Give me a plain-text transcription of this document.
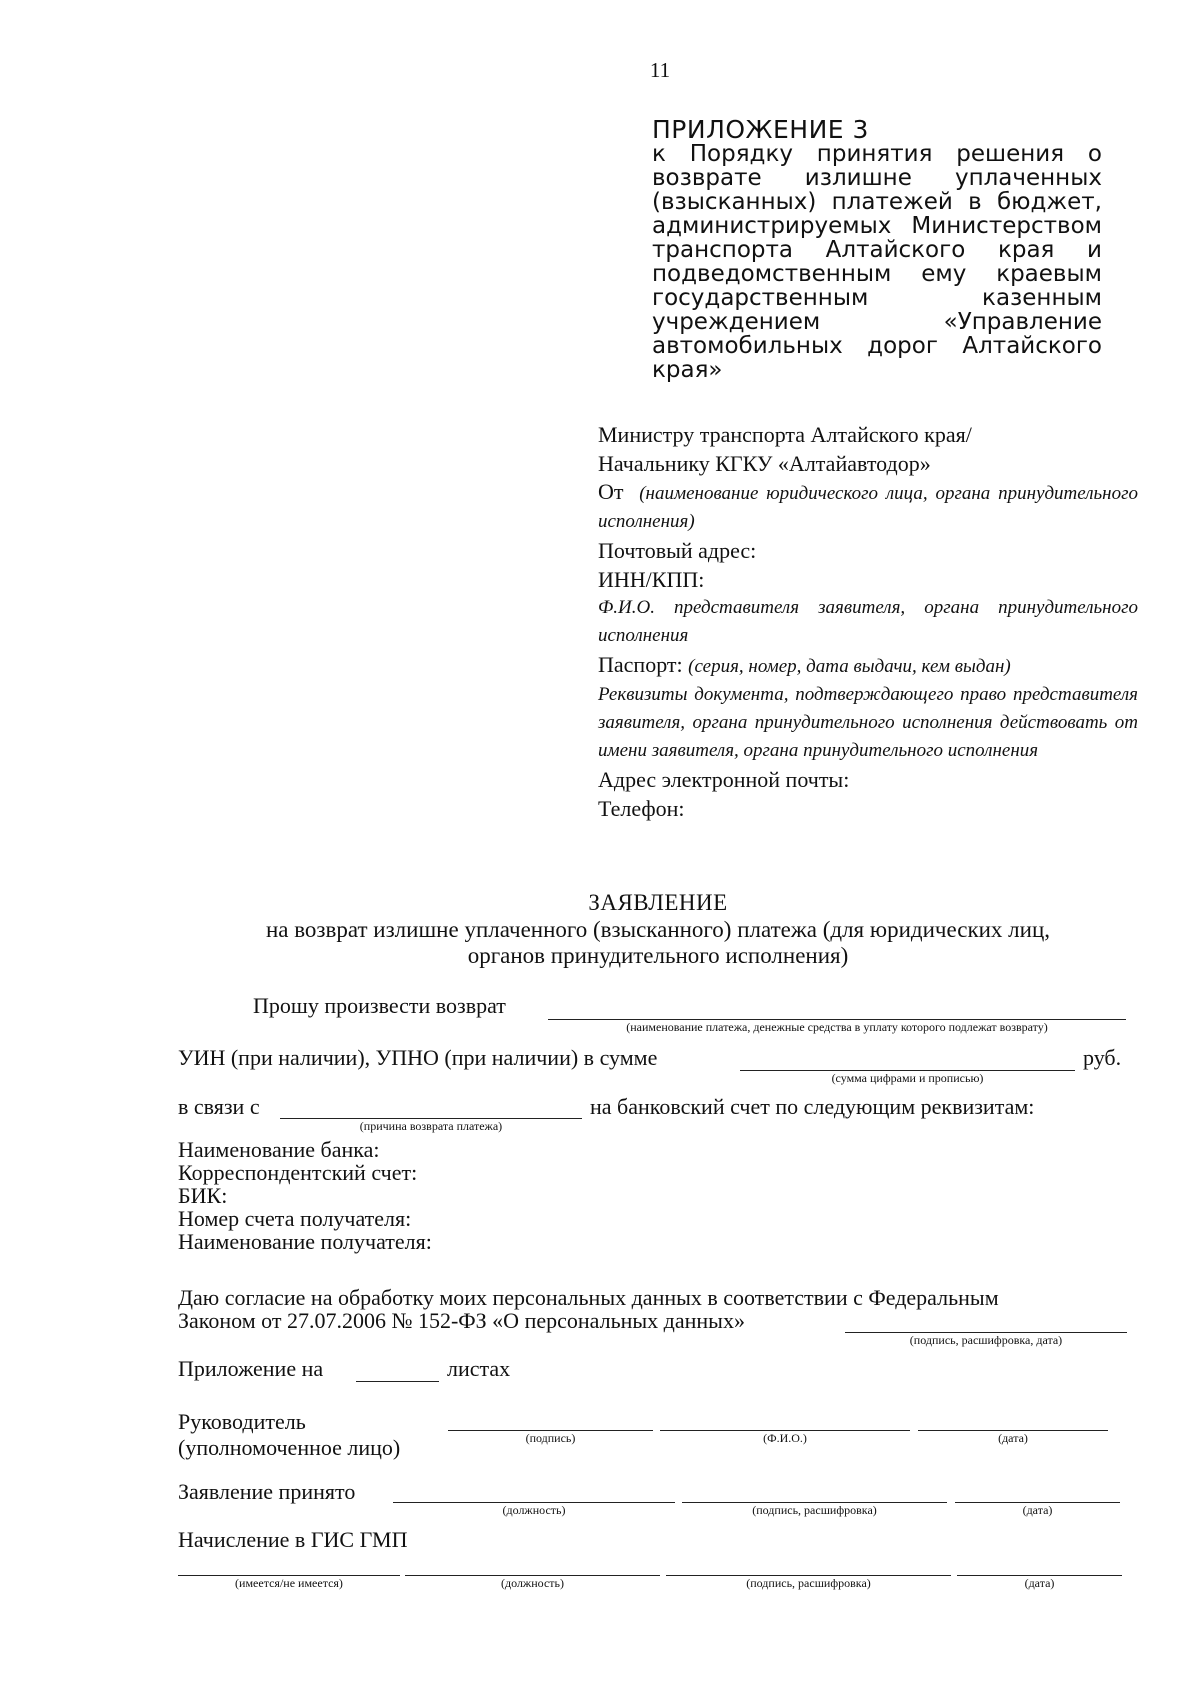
11
ПРИЛОЖЕНИЕ 3
к Порядку принятия решения о возврате излишне уплаченных (взысканных) платежей в бюджет, администрируемых Министерством транспорта Алтайского края и подведомственным ему краевым государственным казенным учреждением «Управление автомобильных дорог Алтайского края»
Министру транспорта Алтайского края/
Начальнику КГКУ «Алтайавтодор»
От (наименование юридического лица, органа принудительного исполнения)
Почтовый адрес:
ИНН/КПП:
Ф.И.О. представителя заявителя, органа принудительного исполнения
Паспорт: (серия, номер, дата выдачи, кем выдан)
Реквизиты документа, подтверждающего право представителя заявителя, органа принудительного исполнения действовать от имени заявителя, органа принудительного исполнения
Адрес электронной почты:
Телефон:
ЗАЯВЛЕНИЕ
на возврат излишне уплаченного (взысканного) платежа (для юридических лиц,
органов принудительного исполнения)
Прошу произвести возврат
(наименование платежа, денежные средства в уплату которого подлежат возврату)
УИН (при наличии), УПНО (при наличии) в сумме
(сумма цифрами и прописью)
руб.
в связи с
(причина возврата платежа)
на банковский счет по следующим реквизитам:
Наименование банка:
Корреспондентский счет:
БИК:
Номер счета получателя:
Наименование получателя:
Даю согласие на обработку моих персональных данных в соответствии с Федеральным
Законом от 27.07.2006 № 152-ФЗ «О персональных данных»
(подпись, расшифровка, дата)
Приложение на	листах
Руководитель
(уполномоченное лицо)	(подпись)	(Ф.И.О.)	(дата)
Заявление принято
(должность)	(подпись, расшифровка)	(дата)
Начисление в ГИС ГМП
(имеется/не имеется)	(должность)	(подпись, расшифровка)	(дата)
